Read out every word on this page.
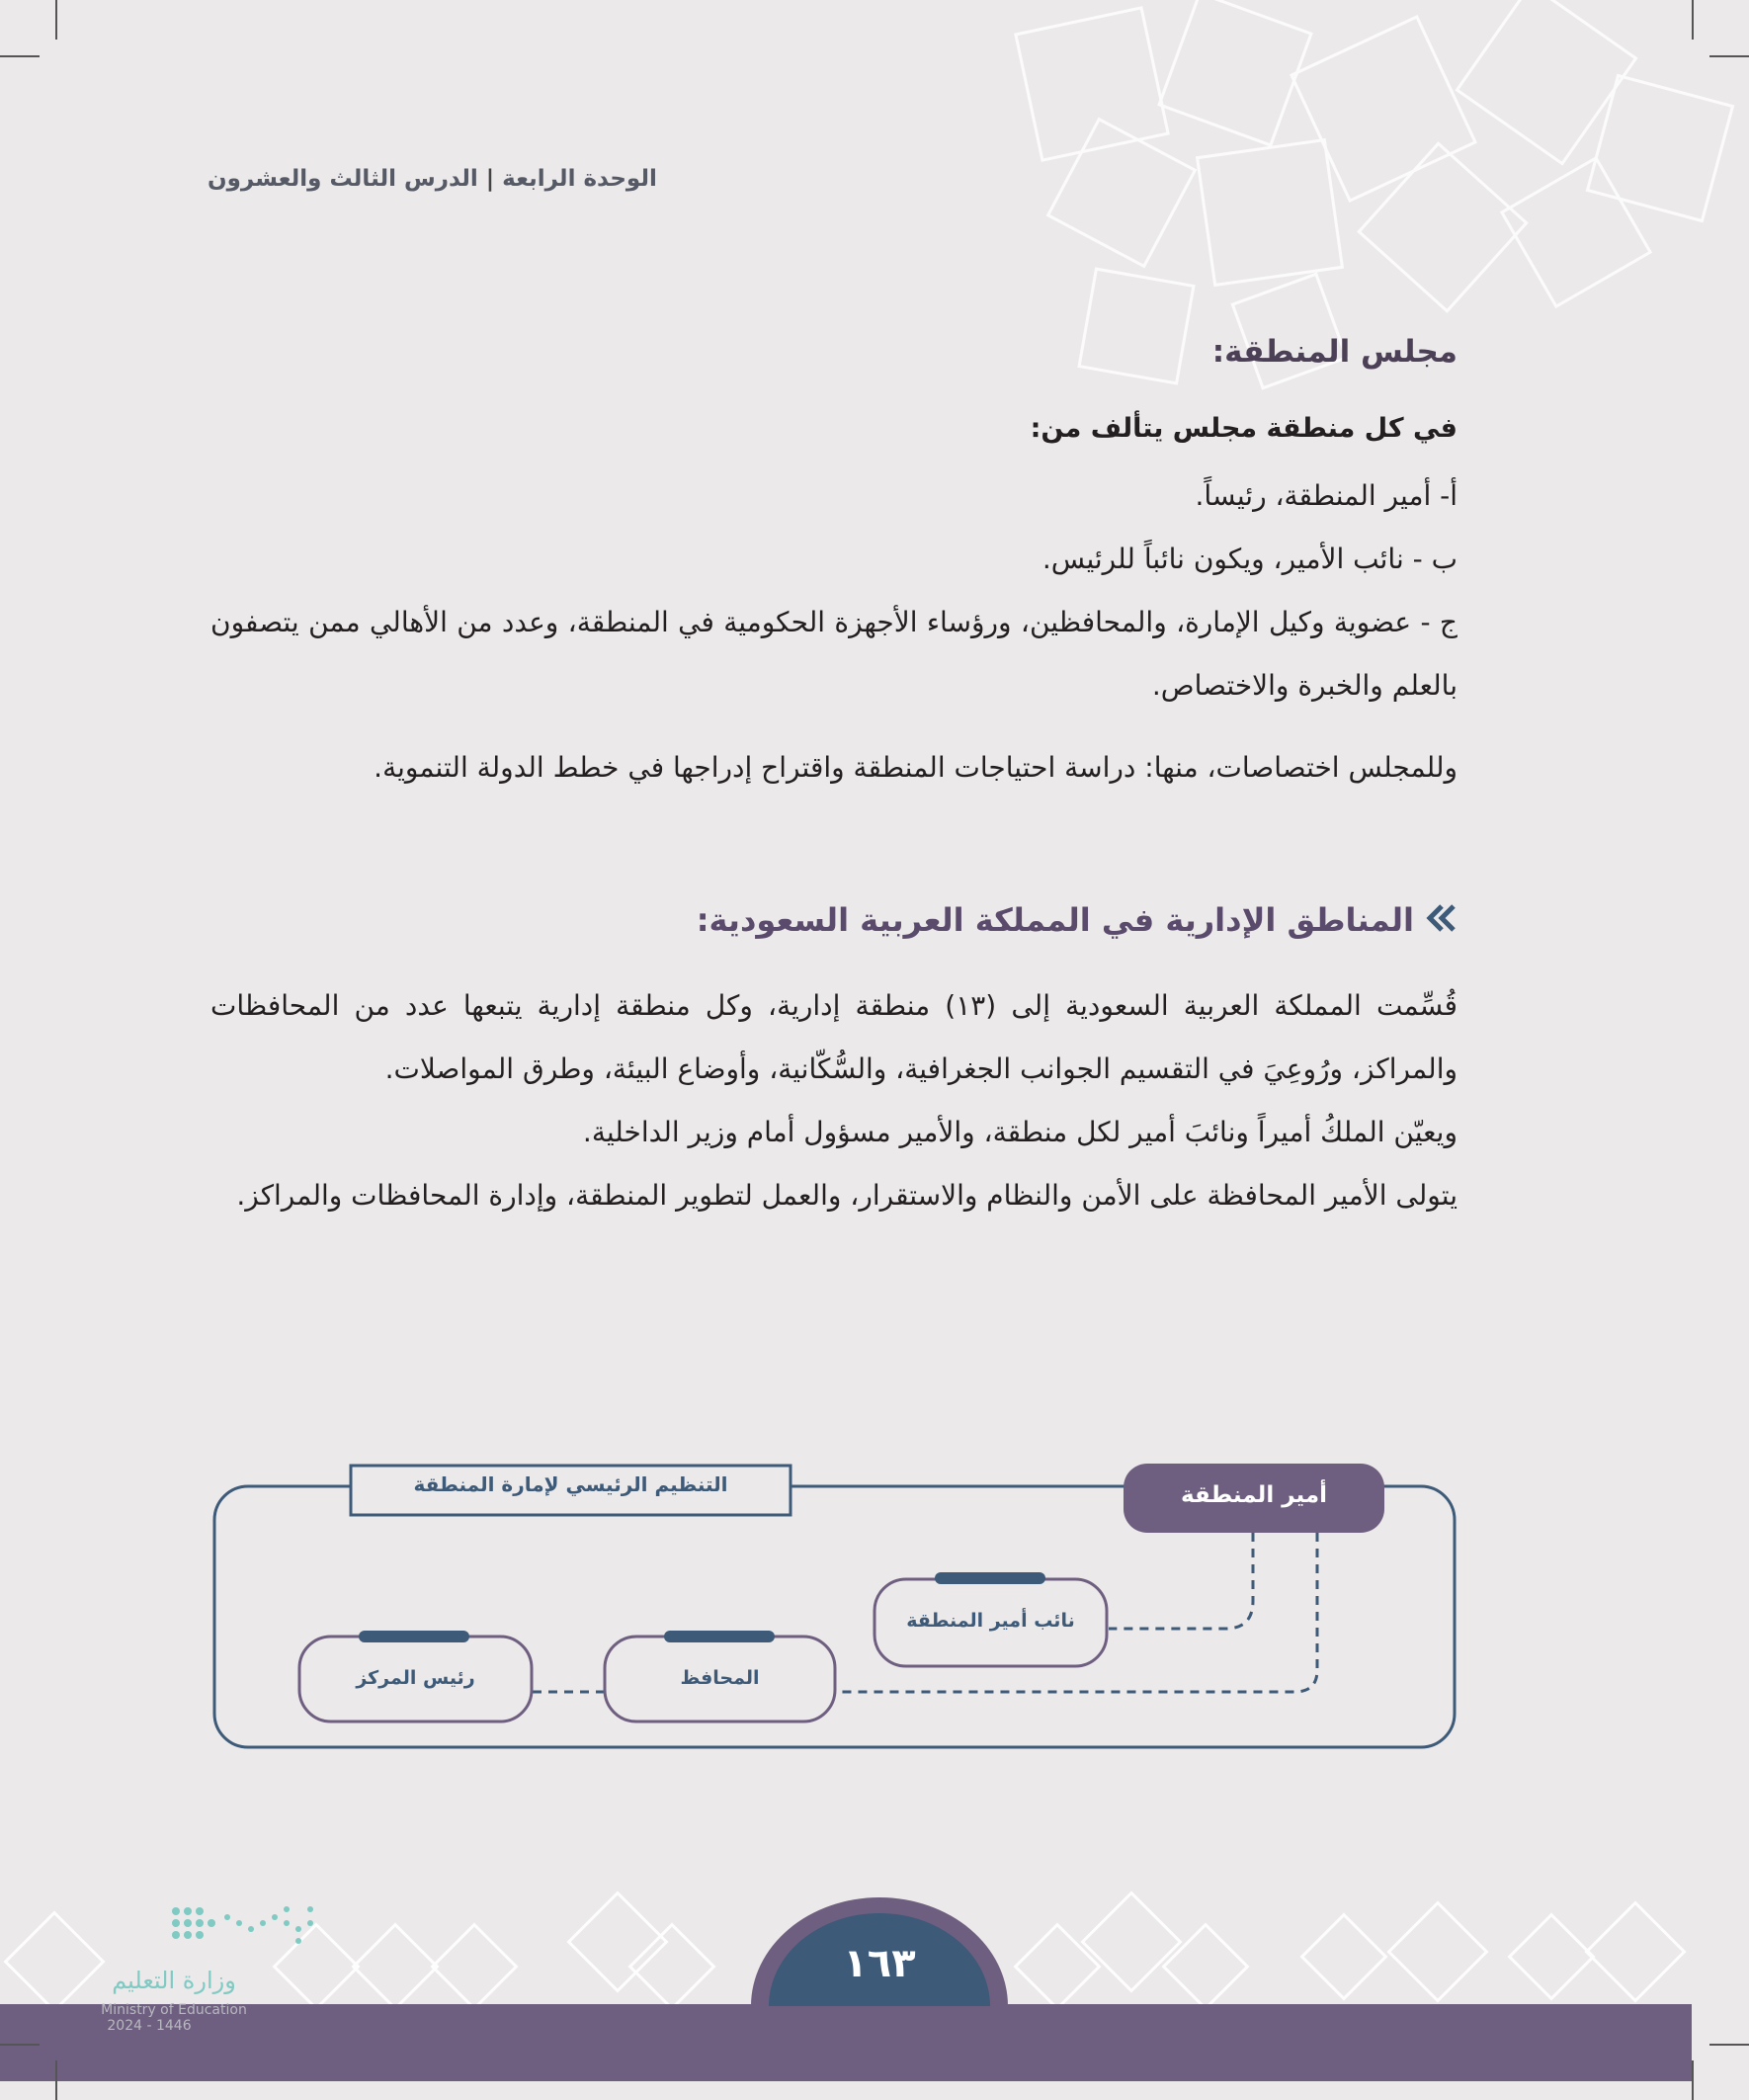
الوحدة الرابعة|الدرس الثالث والعشرون
مجلس المنطقة:
في كل منطقة مجلس يتألف من:

أ- أمير المنطقة، رئيساً.

ب - نائب الأمير، ويكون نائباً للرئيس.

ج - عضوية وكيل الإمارة، والمحافظين، ورؤساء الأجهزة الحكومية في المنطقة، وعدد من الأهالي ممن يتصفون بالعلم والخبرة والاختصاص.

وللمجلس اختصاصات، منها: دراسة احتياجات المنطقة واقتراح إدراجها في خطط الدولة التنموية.

المناطق الإدارية في المملكة العربية السعودية:

قُسِّمت المملكة العربية السعودية إلى (١٣) منطقة إدارية، وكل منطقة إدارية يتبعها عدد من المحافظات والمراكز، ورُوعِيَ في التقسيم الجوانب الجغرافية، والسُّكّانية، وأوضاع البيئة، وطرق المواصلات.

ويعيّن الملكُ أميراً ونائبَ أمير لكل منطقة، والأمير مسؤول أمام وزير الداخلية.

يتولى الأمير المحافظة على الأمن والنظام والاستقرار، والعمل لتطوير المنطقة، وإدارة المحافظات والمراكز.

التنظيم الرئيسي لإمارة المنطقة	أمير المنطقة
نائب أمير المنطقة
المحافظ
رئيس المركز
١٦٣
وزارة التعليم
Ministry of Education
2024 - 1446
